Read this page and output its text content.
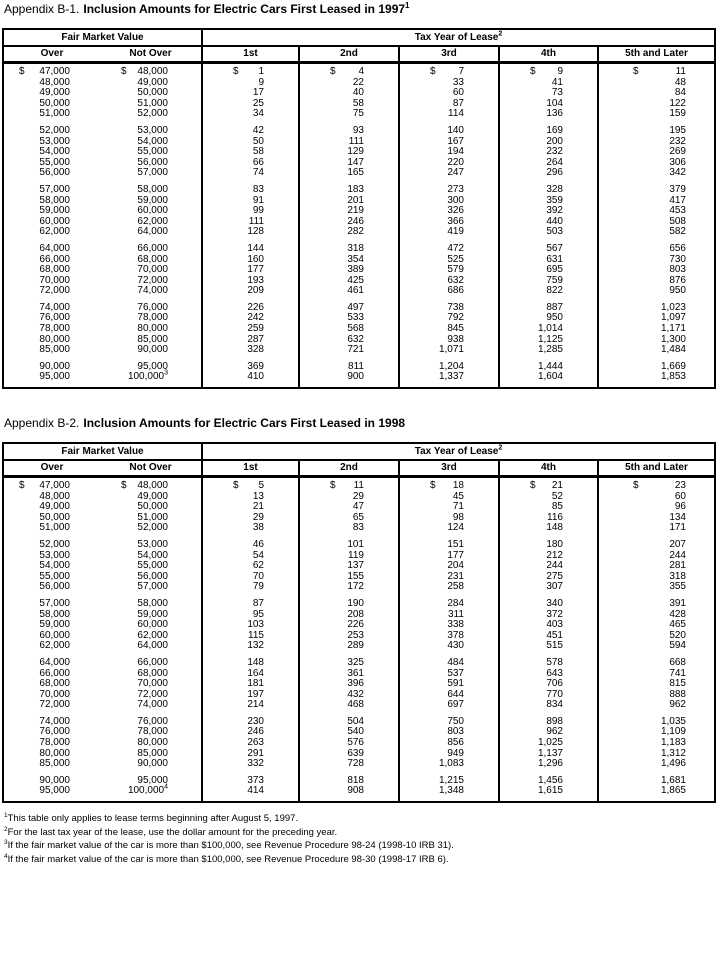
Appendix B-1. Inclusion Amounts for Electric Cars First Leased in 1997$^1$
Fair Market Value	Tax Year of Lease$^2$
Over	Not Over	1st	2nd	3rd	4th	5th and Later
$ 47,000	$ 48,000	$ 1	$ 4	$ 7	$ 9	$	11
48,000	49,000	9	22	33	41	48
49,000	50,000	17	40	60	73	84
50,000	51,000	25	58	87	104	122
51,000	52,000	34	75	114	136	159
52,000	53,000	42	93	140	169	195
53,000	54,000	50	111	167	200	232
54,000	55,000	58	129	194	232	269
55,000	56,000	66	147	220	264	306
56,000	57,000	74	165	247	296	342
57,000	58,000	83	183	273	328	379
58,000	59,000	91	201	300	359	417
59,000	60,000	99	219	326	392	453
60,000	62,000	111	246	366	440	508
62,000	64,000	128	282	419	503	582
64,000	66,000	144	318	472	567	656
66,000	68,000	160	354	525	631	730
68,000	70,000	177	389	579	695	803
70,000	72,000	193	425	632	759	876
72,000	74,000	209	461	686	822	950
74,000	76,000	226	497	738	887	1,023
76,000	78,000	242	533	792	950	1,097
78,000	80,000	259	568	845	1,014	1,171
80,000	85,000	287	632	938	1,125	1,300
85,000	90,000	328	721	1,071	1,285	1,484
90,000	95,000	369	811	1,204	1,444	1,669
95,000	100,000$^3$	410	900	1,337	1,604	1,853
Appendix B-2. Inclusion Amounts for Electric Cars First Leased in 1998
Fair Market Value	Tax Year of Lease$^2$
Over	Not Over	1st	2nd	3rd	4th	5th and Later
$ 47,000	$ 48,000	$ 5	$ 11	$ 18	$ 21	$	23
48,000	49,000	13	29	45	52	60
49,000	50,000	21	47	71	85	96
50,000	51,000	29	65	98	116	134
51,000	52,000	38	83	124	148	171
52,000	53,000	46	101	151	180	207
53,000	54,000	54	119	177	212	244
54,000	55,000	62	137	204	244	281
55,000	56,000	70	155	231	275	318
56,000	57,000	79	172	258	307	355
57,000	58,000	87	190	284	340	391
58,000	59,000	95	208	311	372	428
59,000	60,000	103	226	338	403	465
60,000	62,000	115	253	378	451	520
62,000	64,000	132	289	430	515	594
64,000	66,000	148	325	484	578	668
66,000	68,000	164	361	537	643	741
68,000	70,000	181	396	591	706	815
70,000	72,000	197	432	644	770	888
72,000	74,000	214	468	697	834	962
74,000	76,000	230	504	750	898	1,035
76,000	78,000	246	540	803	962	1,109
78,000	80,000	263	576	856	1,025	1,183
80,000	85,000	291	639	949	1,137	1,312
85,000	90,000	332	728	1,083	1,296	1,496
90,000	95,000	373	818	1,215	1,456	1,681
95,000	100,000$^4$	414	908	1,348	1,615	1,865
$^1$This table only applies to lease terms beginning after August 5, 1997.
$^2$For the last tax year of the lease, use the dollar amount for the preceding year.
$^3$If the fair market value of the car is more than $100,000, see Revenue Procedure 98-24 (1998-10 IRB 31).
$^4$If the fair market value of the car is more than $100,000, see Revenue Procedure 98-30 (1998-17 IRB 6).
